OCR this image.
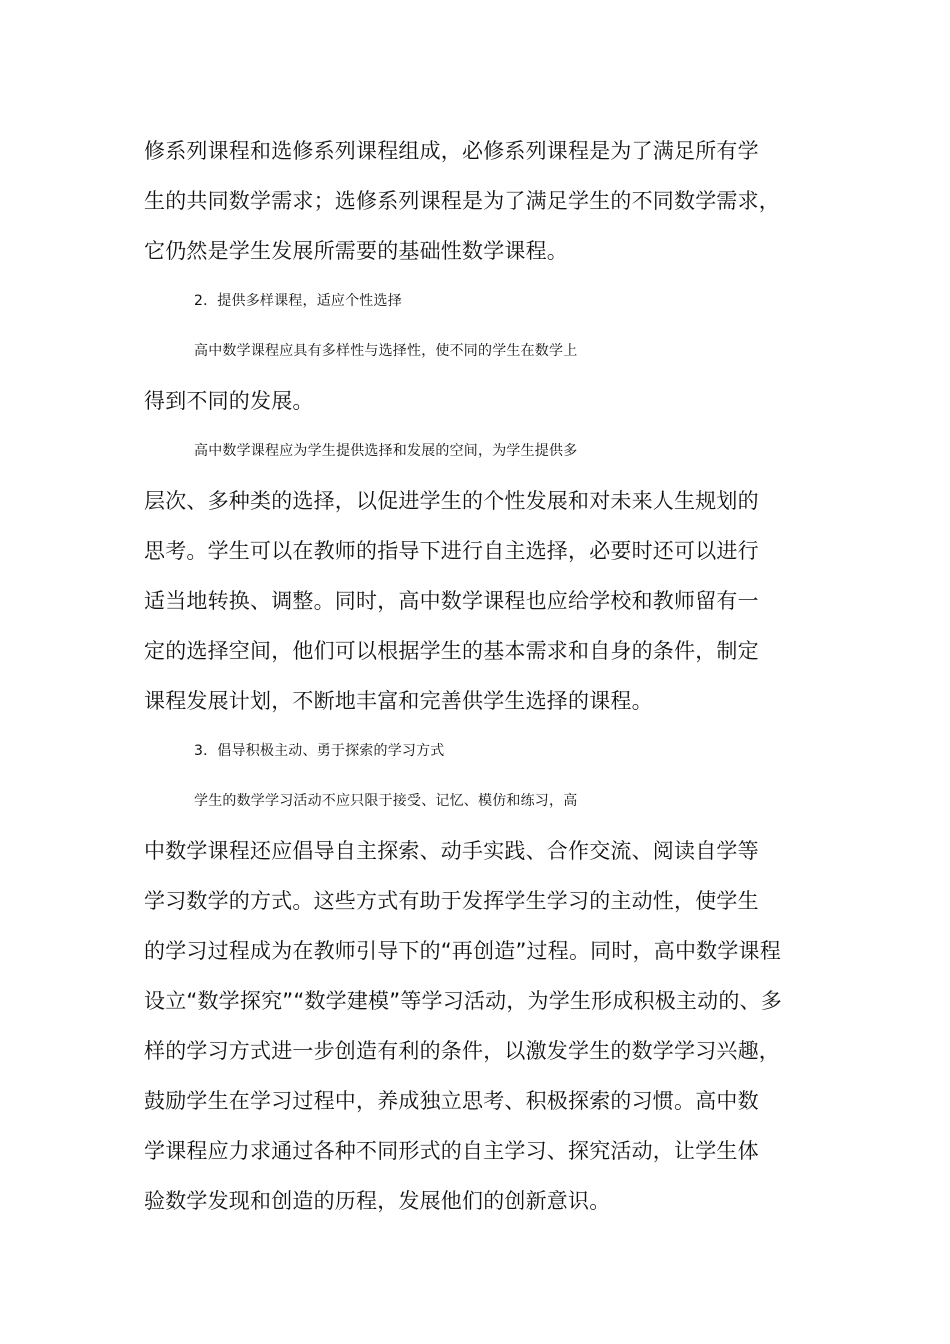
修系列课程和选修系列课程组成，必修系列课程是为了满足所有学
生的共同数学需求；选修系列课程是为了满足学生的不同数学需求，
它仍然是学生发展所需要的基础性数学课程。
2．提供多样课程，适应个性选择
高中数学课程应具有多样性与选择性，使不同的学生在数学上
得到不同的发展。
高中数学课程应为学生提供选择和发展的空间，为学生提供多
层次、多种类的选择，以促进学生的个性发展和对未来人生规划的
思考。学生可以在教师的指导下进行自主选择，必要时还可以进行
适当地转换、调整。同时，高中数学课程也应给学校和教师留有一
定的选择空间，他们可以根据学生的基本需求和自身的条件，制定
课程发展计划，不断地丰富和完善供学生选择的课程。
3．倡导积极主动、勇于探索的学习方式
学生的数学学习活动不应只限于接受、记忆、模仿和练习，高
中数学课程还应倡导自主探索、动手实践、合作交流、阅读自学等
学习数学的方式。这些方式有助于发挥学生学习的主动性，使学生
的学习过程成为在教师引导下的“再创造”过程。同时，高中数学课程
设立“数学探究”“数学建模”等学习活动，为学生形成积极主动的、多
样的学习方式进一步创造有利的条件，以激发学生的数学学习兴趣，
鼓励学生在学习过程中，养成独立思考、积极探索的习惯。高中数
学课程应力求通过各种不同形式的自主学习、探究活动，让学生体
验数学发现和创造的历程，发展他们的创新意识。
